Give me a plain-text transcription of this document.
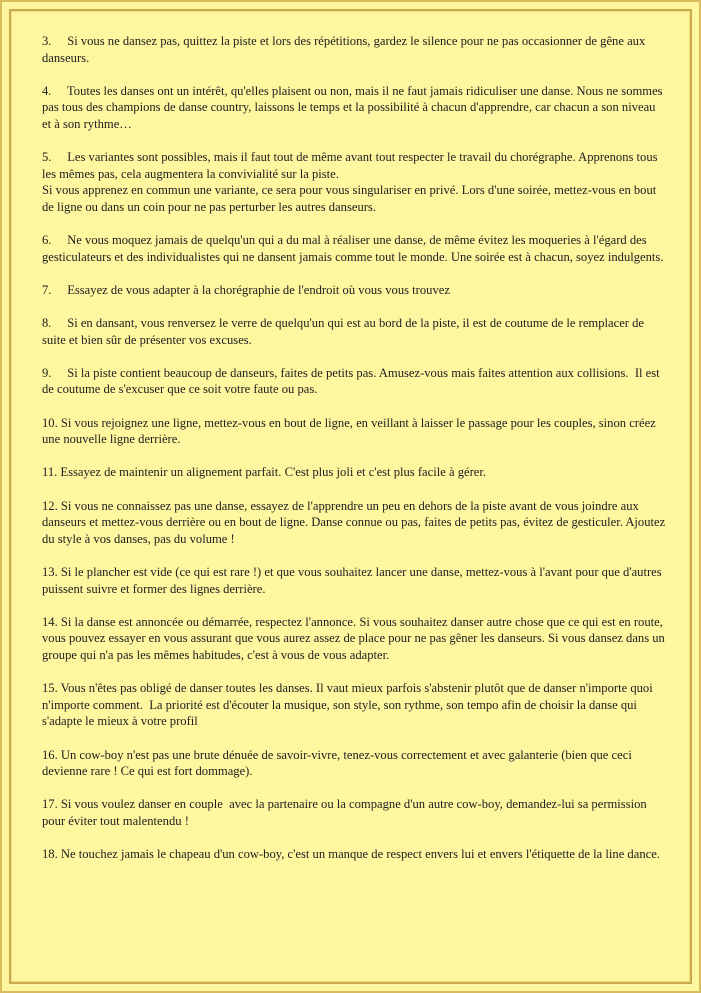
3.     Si vous ne dansez pas, quittez la piste et lors des répétitions, gardez le silence pour ne pas occasionner de gêne aux danseurs.

4.     Toutes les danses ont un intérêt, qu'elles plaisent ou non, mais il ne faut jamais ridiculiser une danse. Nous ne sommes pas tous des champions de danse country, laissons le temps et la possibilité à chacun d'apprendre, car chacun a son niveau et à son rythme…

5.     Les variantes sont possibles, mais il faut tout de même avant tout respecter le travail du chorégraphe. Apprenons tous les mêmes pas, cela augmentera la convivialité sur la piste.
Si vous apprenez en commun une variante, ce sera pour vous singulariser en privé. Lors d'une soirée, mettez-vous en bout de ligne ou dans un coin pour ne pas perturber les autres danseurs.

6.     Ne vous moquez jamais de quelqu'un qui a du mal à réaliser une danse, de même évitez les moqueries à l'égard des gesticulateurs et des individualistes qui ne dansent jamais comme tout le monde. Une soirée est à chacun, soyez indulgents.

7.     Essayez de vous adapter à la chorégraphie de l'endroit où vous vous trouvez

8.     Si en dansant, vous renversez le verre de quelqu'un qui est au bord de la piste, il est de coutume de le remplacer de suite et bien sûr de présenter vos excuses.

9.     Si la piste contient beaucoup de danseurs, faites de petits pas. Amusez-vous mais faites attention aux collisions.  Il est de coutume de s'excuser que ce soit votre faute ou pas.

10. Si vous rejoignez une ligne, mettez-vous en bout de ligne, en veillant à laisser le passage pour les couples, sinon créez une nouvelle ligne derrière.

11. Essayez de maintenir un alignement parfait. C'est plus joli et c'est plus facile à gérer.

12. Si vous ne connaissez pas une danse, essayez de l'apprendre un peu en dehors de la piste avant de vous joindre aux danseurs et mettez-vous derrière ou en bout de ligne. Danse connue ou pas, faites de petits pas, évitez de gesticuler. Ajoutez du style à vos danses, pas du volume !

13. Si le plancher est vide (ce qui est rare !) et que vous souhaitez lancer une danse, mettez-vous à l'avant pour que d'autres puissent suivre et former des lignes derrière.

14. Si la danse est annoncée ou démarrée, respectez l'annonce. Si vous souhaitez danser autre chose que ce qui est en route, vous pouvez essayer en vous assurant que vous aurez assez de place pour ne pas gêner les danseurs. Si vous dansez dans un groupe qui n'a pas les mêmes habitudes, c'est à vous de vous adapter.

15. Vous n'êtes pas obligé de danser toutes les danses. Il vaut mieux parfois s'abstenir plutôt que de danser n'importe quoi n'importe comment.  La priorité est d'écouter la musique, son style, son rythme, son tempo afin de choisir la danse qui s'adapte le mieux à votre profil

16. Un cow-boy n'est pas une brute dénuée de savoir-vivre, tenez-vous correctement et avec galanterie (bien que ceci devienne rare ! Ce qui est fort dommage).

17. Si vous voulez danser en couple  avec la partenaire ou la compagne d'un autre cow-boy, demandez-lui sa permission pour éviter tout malentendu !

18. Ne touchez jamais le chapeau d'un cow-boy, c'est un manque de respect envers lui et envers l'étiquette de la line dance.
